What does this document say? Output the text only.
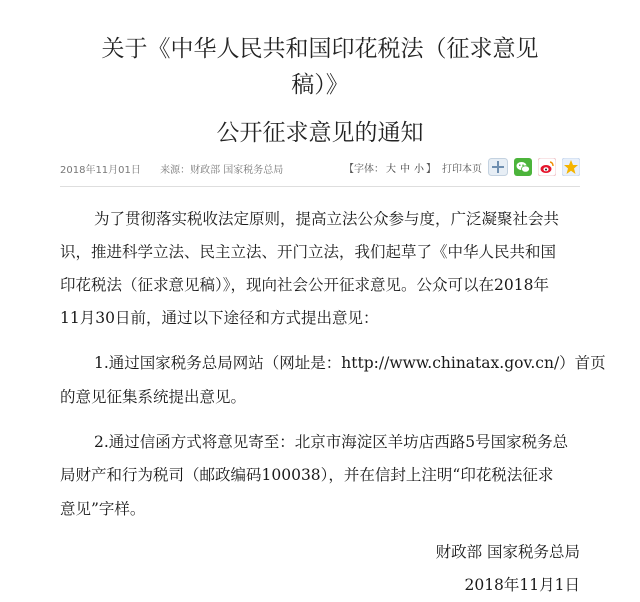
关于《中华人民共和国印花税法（征求意见
稿）》
公开征求意见的通知
2018年11月01日 来源：财政部 国家税务总局	【字体： 大 中 小 】 打印本页
为了贯彻落实税收法定原则，提高立法公众参与度，广泛凝聚社会共
识，推进科学立法、民主立法、开门立法，我们起草了《中华人民共和国
印花税法（征求意见稿）》，现向社会公开征求意见。公众可以在2018年
11月30日前，通过以下途径和方式提出意见：
1.通过国家税务总局网站（网址是：http://www.chinatax.gov.cn/）首页
的意见征集系统提出意见。
2.通过信函方式将意见寄至：北京市海淀区羊坊店西路5号国家税务总
局财产和行为税司（邮政编码100038），并在信封上注明“印花税法征求
意见”字样。
财政部 国家税务总局
2018年11月1日
